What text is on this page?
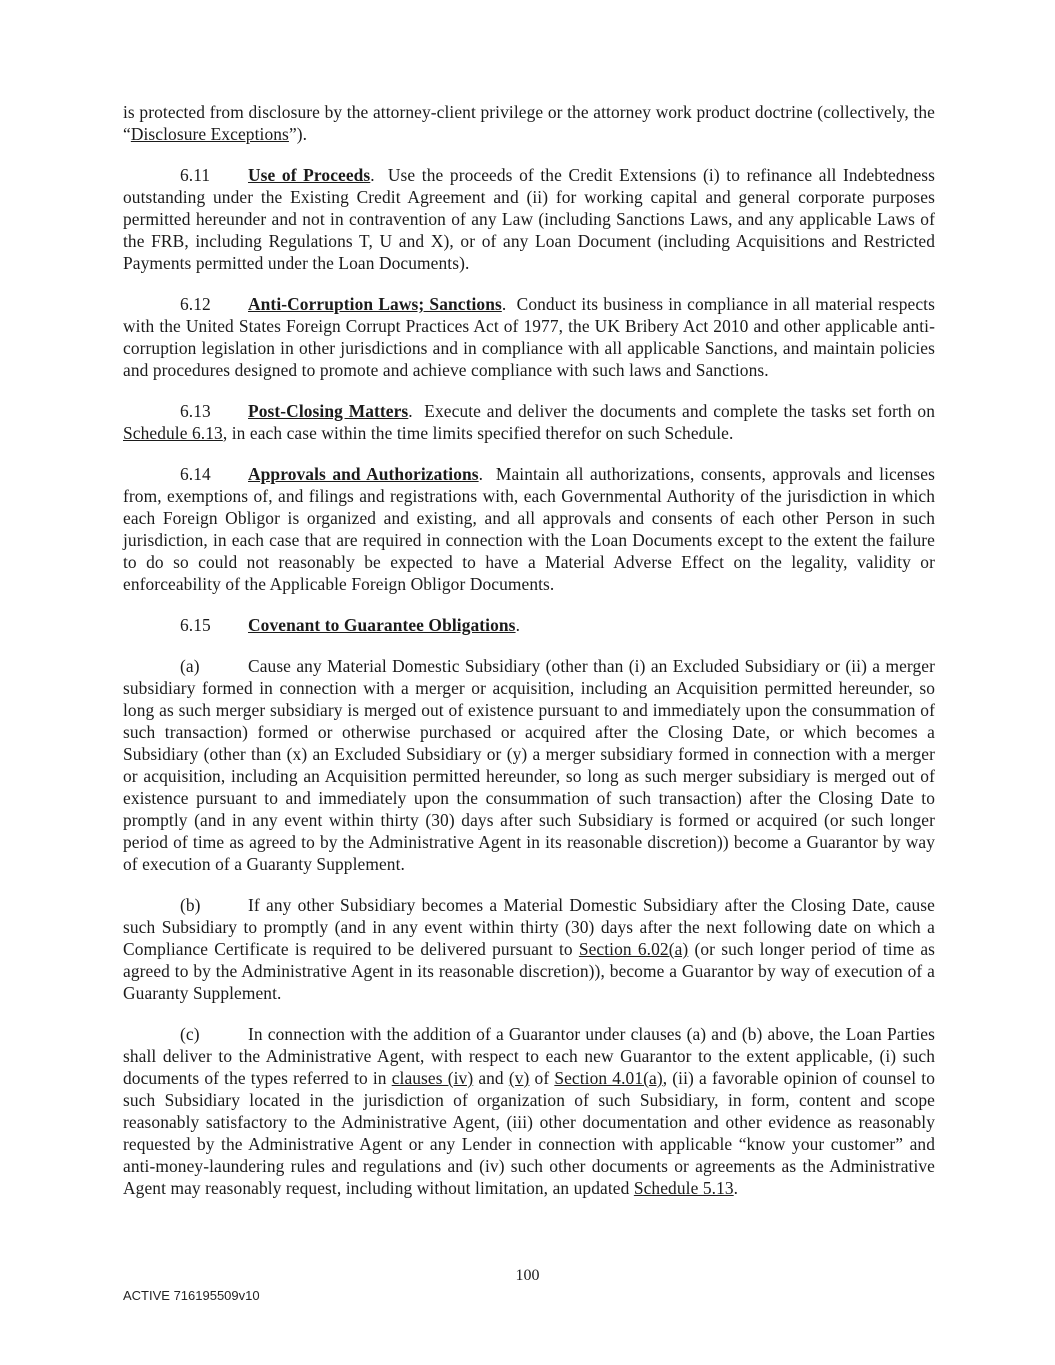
is protected from disclosure by the attorney-client privilege or the attorney work product doctrine (collectively, the “Disclosure Exceptions”).

6.11 Use of Proceeds.  Use the proceeds of the Credit Extensions (i) to refinance all Indebtedness outstanding under the Existing Credit Agreement and (ii) for working capital and general corporate purposes permitted hereunder and not in contravention of any Law (including Sanctions Laws, and any applicable Laws of the FRB, including Regulations T, U and X), or of any Loan Document (including Acquisitions and Restricted Payments permitted under the Loan Documents).

6.12 Anti-Corruption Laws; Sanctions.  Conduct its business in compliance in all material respects with the United States Foreign Corrupt Practices Act of 1977, the UK Bribery Act 2010 and other applicable anti-corruption legislation in other jurisdictions and in compliance with all applicable Sanctions, and maintain policies and procedures designed to promote and achieve compliance with such laws and Sanctions.

6.13 Post-Closing Matters.  Execute and deliver the documents and complete the tasks set forth on Schedule 6.13, in each case within the time limits specified therefor on such Schedule.

6.14 Approvals and Authorizations.  Maintain all authorizations, consents, approvals and licenses from, exemptions of, and filings and registrations with, each Governmental Authority of the jurisdiction in which each Foreign Obligor is organized and existing, and all approvals and consents of each other Person in such jurisdiction, in each case that are required in connection with the Loan Documents except to the extent the failure to do so could not reasonably be expected to have a Material Adverse Effect on the legality, validity or enforceability of the Applicable Foreign Obligor Documents.

6.15 Covenant to Guarantee Obligations.

(a)	Cause any Material Domestic Subsidiary (other than (i) an Excluded Subsidiary or (ii) a merger subsidiary formed in connection with a merger or acquisition, including an Acquisition permitted hereunder, so long as such merger subsidiary is merged out of existence pursuant to and immediately upon the consummation of such transaction) formed or otherwise purchased or acquired after the Closing Date, or which becomes a Subsidiary (other than (x) an Excluded Subsidiary or (y) a merger subsidiary formed in connection with a merger or acquisition, including an Acquisition permitted hereunder, so long as such merger subsidiary is merged out of existence pursuant to and immediately upon the consummation of such transaction) after the Closing Date to promptly (and in any event within thirty (30) days after such Subsidiary is formed or acquired (or such longer period of time as agreed to by the Administrative Agent in its reasonable discretion)) become a Guarantor by way of execution of a Guaranty Supplement.

(b)	If any other Subsidiary becomes a Material Domestic Subsidiary after the Closing Date, cause such Subsidiary to promptly (and in any event within thirty (30) days after the next following date on which a Compliance Certificate is required to be delivered pursuant to Section 6.02(a) (or such longer period of time as agreed to by the Administrative Agent in its reasonable discretion)), become a Guarantor by way of execution of a Guaranty Supplement.

(c)	In connection with the addition of a Guarantor under clauses (a) and (b) above, the Loan Parties shall deliver to the Administrative Agent, with respect to each new Guarantor to the extent applicable, (i) such documents of the types referred to in clauses (iv) and (v) of Section 4.01(a), (ii) a favorable opinion of counsel to such Subsidiary located in the jurisdiction of organization of such Subsidiary, in form, content and scope reasonably satisfactory to the Administrative Agent, (iii) other documentation and other evidence as reasonably requested by the Administrative Agent or any Lender in connection with applicable “know your customer” and anti-money-laundering rules and regulations and (iv) such other documents or agreements as the Administrative Agent may reasonably request, including without limitation, an updated Schedule 5.13.

100
ACTIVE 716195509v10
